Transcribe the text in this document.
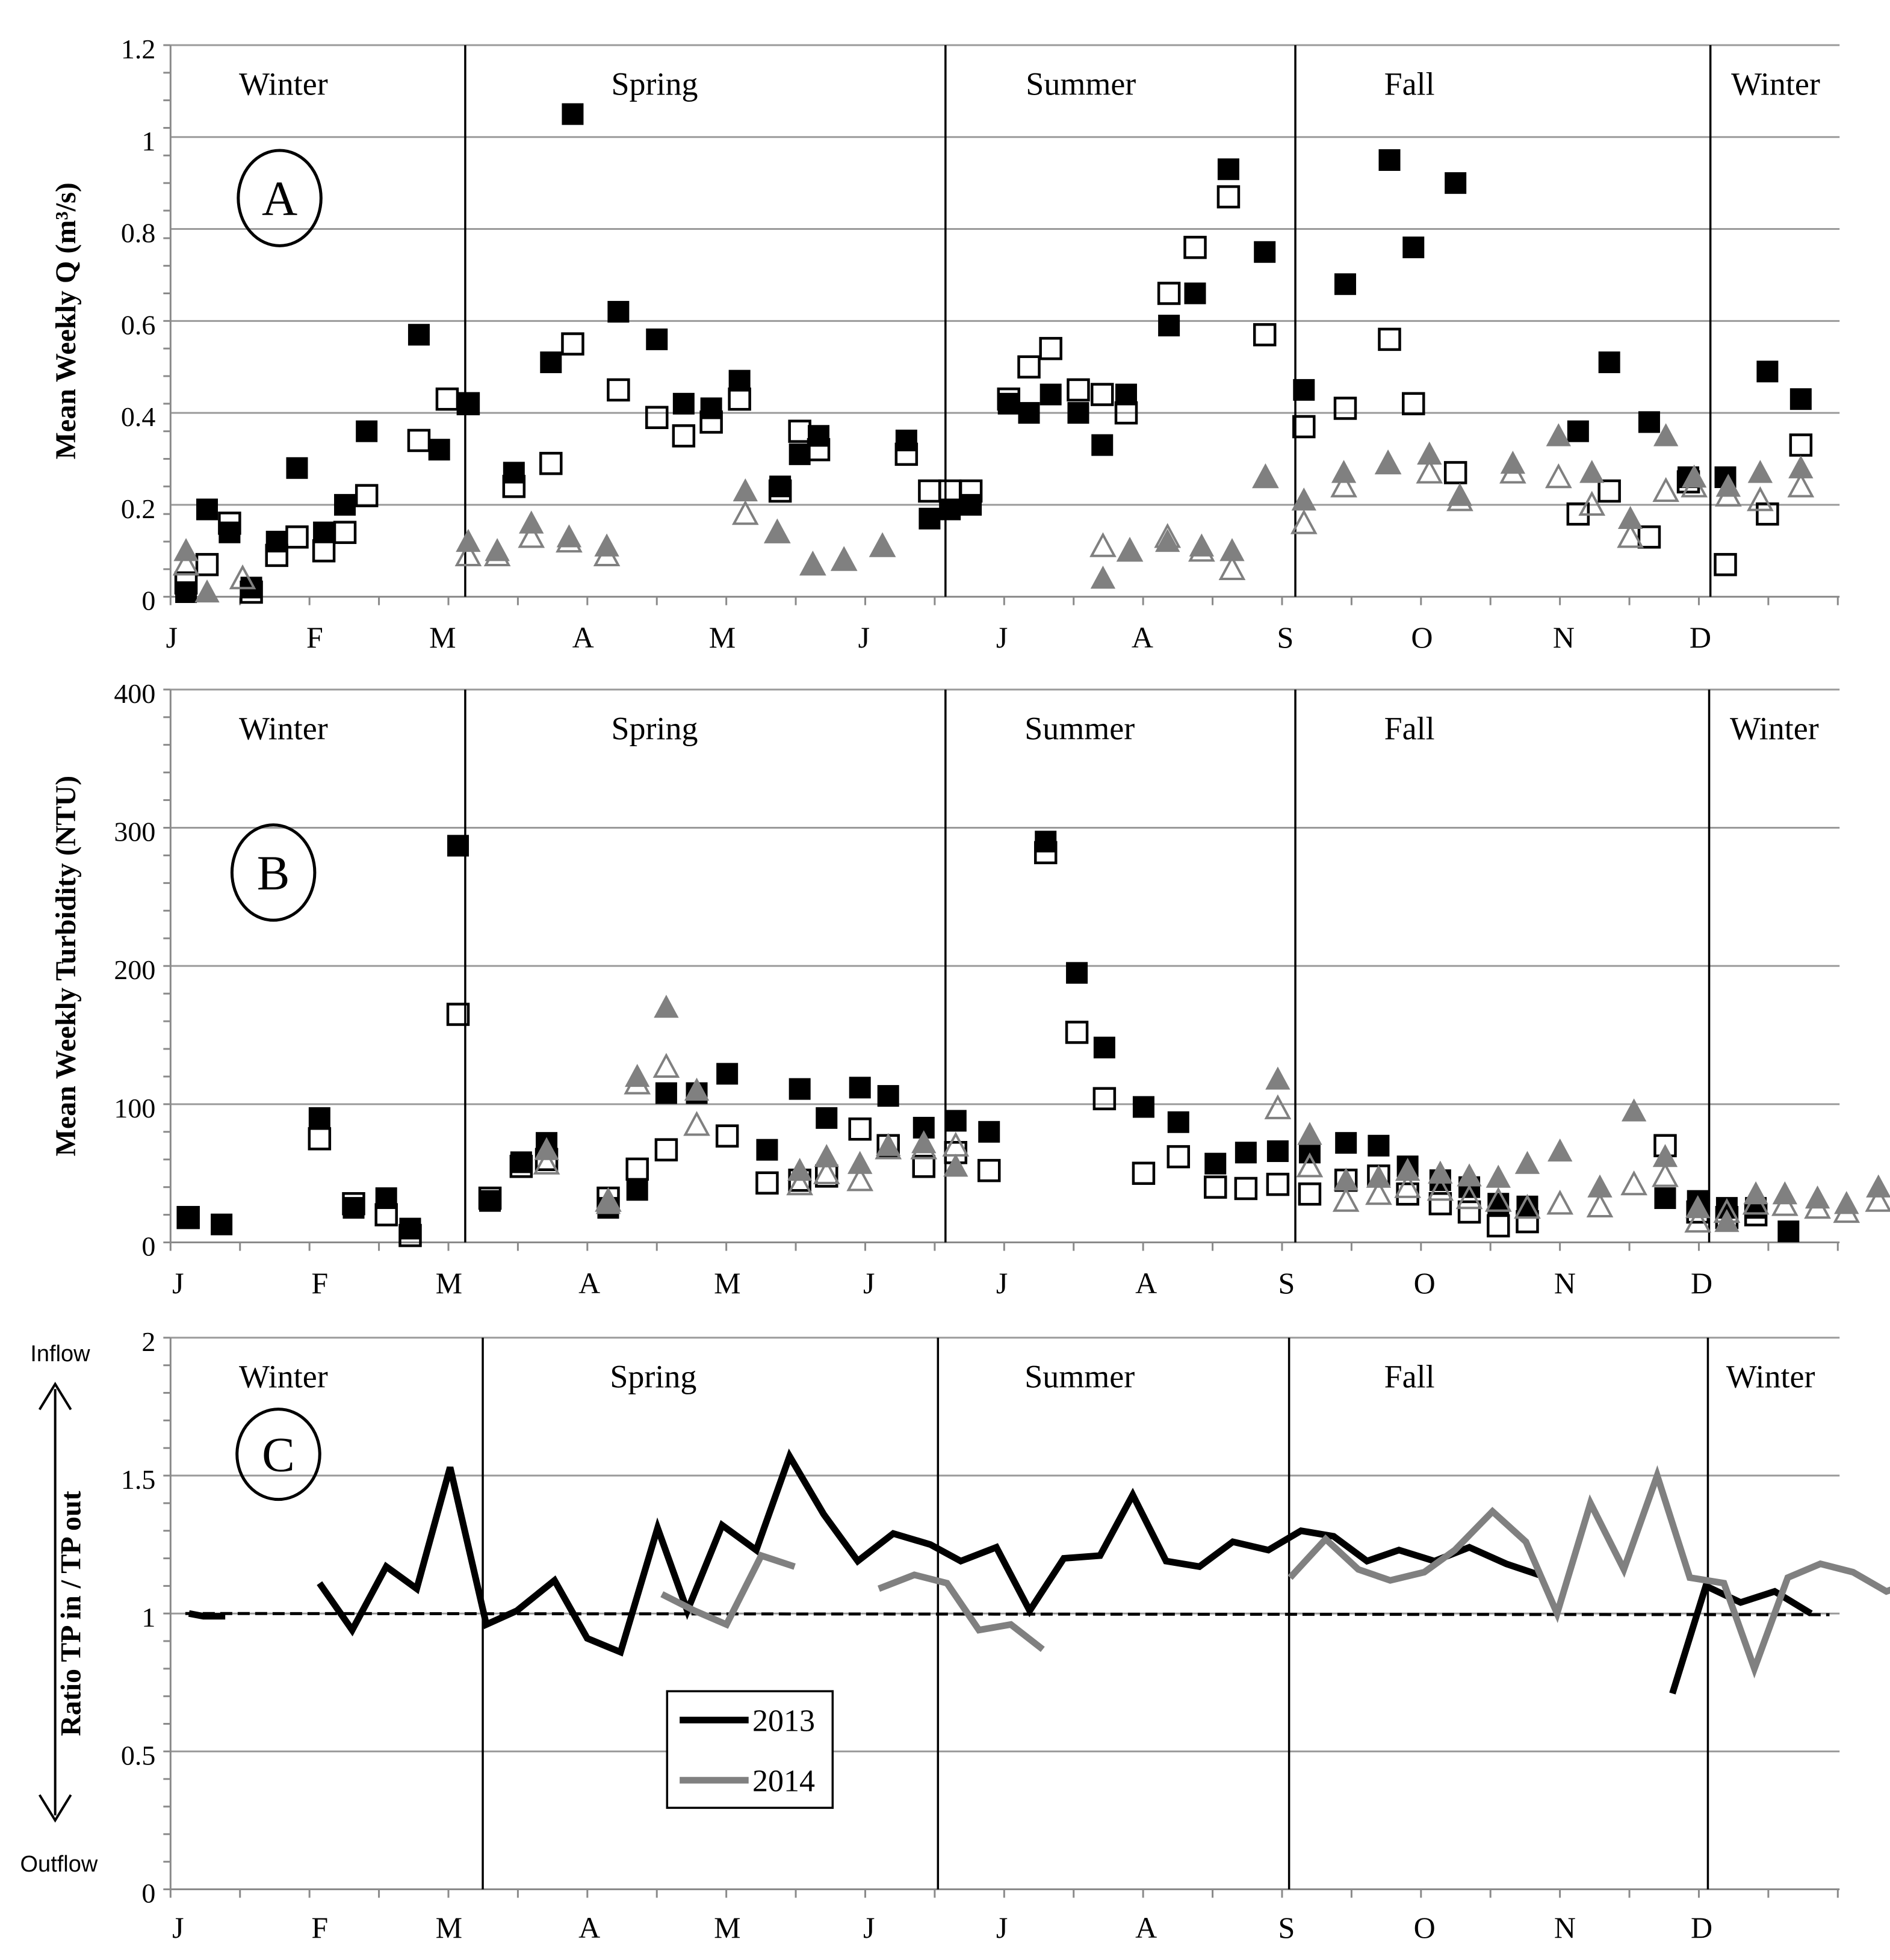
0
0.2
0.4
0.6
0.8
1
1.2
Winter	Spring	Summer	Fall	Winter
J	F	M	A	M	J	J	A	S	O	N	D
A
Mean Weekly Q (m³/s)
0
100
200
300
400
Winter	Spring	Summer	Fall	Winter
J	F	M	A	M	J	J	A	S	O	N	D
B
Mean Weekly Turbidity (NTU)
0
0.5
1
1.5
2
Winter	Spring	Summer	Fall	Winter
J	F	M	A	M	J	J	A	S	O	N	D
C
Ratio TP in / TP out
Inflow
Outflow
2013
2014
